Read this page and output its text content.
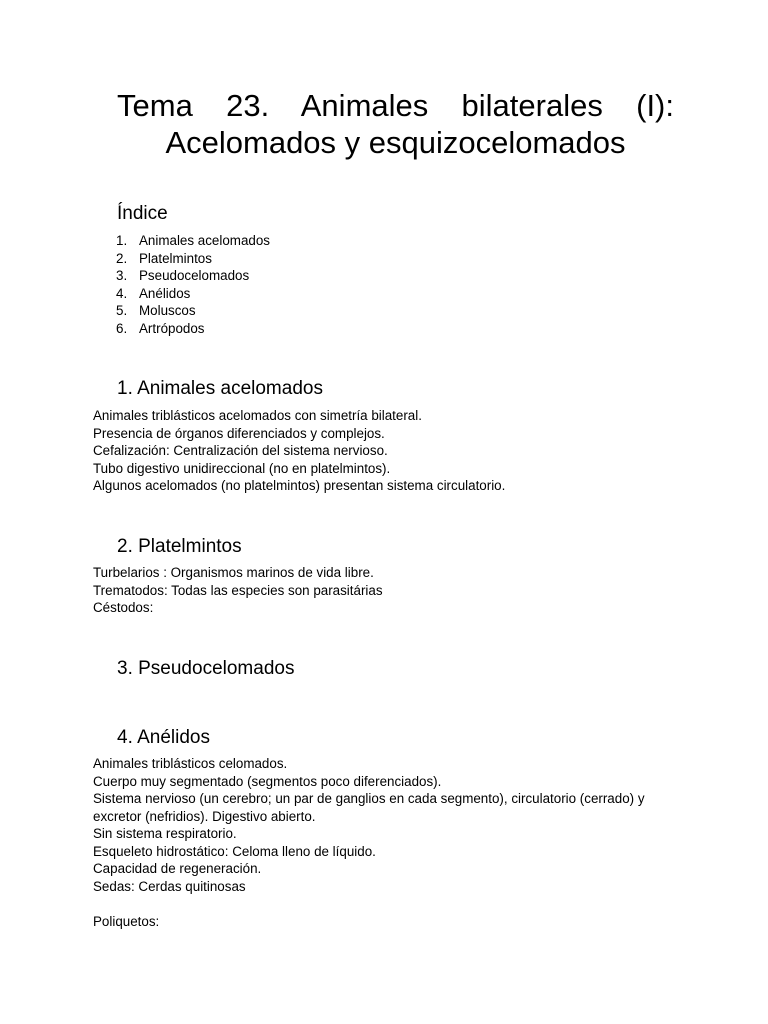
Tema 23. Animales bilaterales (I):
Acelomados y esquizocelomados
Índice
1. Animales acelomados
2. Platelmintos
3. Pseudocelomados
4. Anélidos
5. Moluscos
6. Artrópodos
1. Animales acelomados
Animales triblásticos acelomados con simetría bilateral.
Presencia de órganos diferenciados y complejos.
Cefalización: Centralización del sistema nervioso.
Tubo digestivo unidireccional (no en platelmintos).
Algunos acelomados (no platelmintos) presentan sistema circulatorio.
2. Platelmintos
Turbelarios : Organismos marinos de vida libre.
Trematodos: Todas las especies son parasitárias
Céstodos:
3. Pseudocelomados
4. Anélidos
Animales triblásticos celomados.
Cuerpo muy segmentado (segmentos poco diferenciados).
Sistema nervioso (un cerebro; un par de ganglios en cada segmento), circulatorio (cerrado) y excretor (nefridios). Digestivo abierto.
Sin sistema respiratorio.
Esqueleto hidrostático: Celoma lleno de líquido.
Capacidad de regeneración.
Sedas: Cerdas quitinosas
Poliquetos:
